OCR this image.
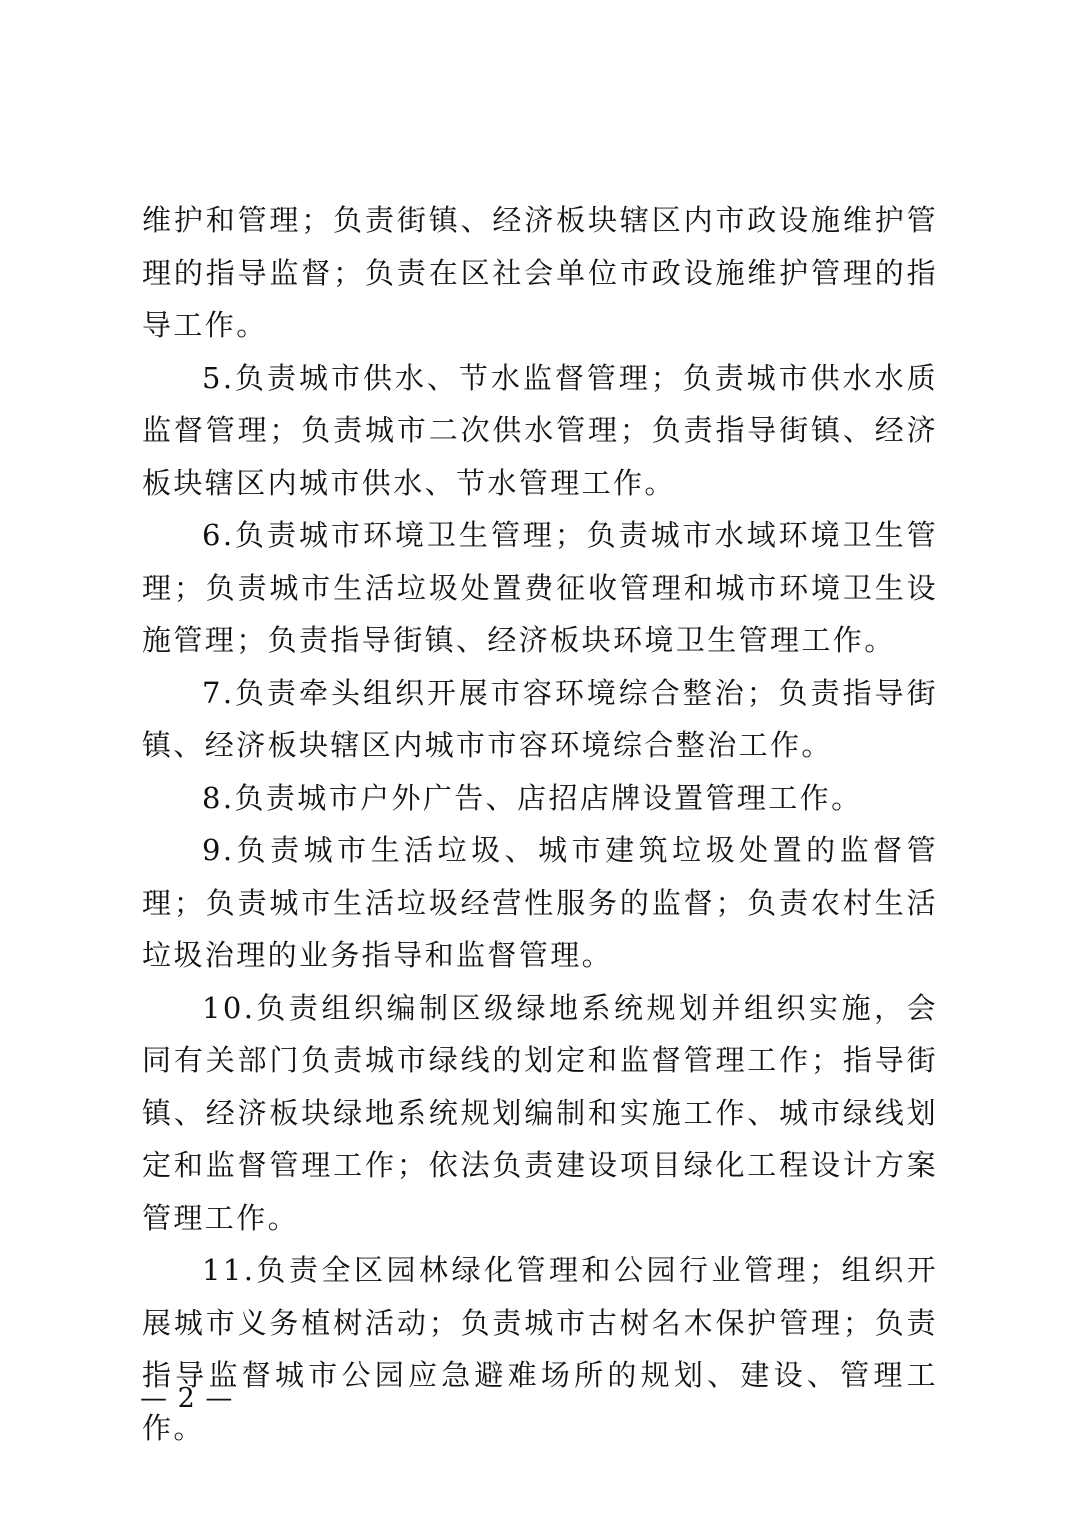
维护和管理；负责街镇、经济板块辖区内市政设施维护管理的指导监督；负责在区社会单位市政设施维护管理的指导工作。

5.负责城市供水、节水监督管理；负责城市供水水质监督管理；负责城市二次供水管理；负责指导街镇、经济板块辖区内城市供水、节水管理工作。

6.负责城市环境卫生管理；负责城市水域环境卫生管理；负责城市生活垃圾处置费征收管理和城市环境卫生设施管理；负责指导街镇、经济板块环境卫生管理工作。

7.负责牵头组织开展市容环境综合整治；负责指导街镇、经济板块辖区内城市市容环境综合整治工作。

8.负责城市户外广告、店招店牌设置管理工作。

9.负责城市生活垃圾、城市建筑垃圾处置的监督管理；负责城市生活垃圾经营性服务的监督；负责农村生活垃圾治理的业务指导和监督管理。

10.负责组织编制区级绿地系统规划并组织实施，会同有关部门负责城市绿线的划定和监督管理工作；指导街镇、经济板块绿地系统规划编制和实施工作、城市绿线划定和监督管理工作；依法负责建设项目绿化工程设计方案管理工作。

11.负责全区园林绿化管理和公园行业管理；组织开展城市义务植树活动；负责城市古树名木保护管理；负责指导监督城市公园应急避难场所的规划、建设、管理工作。

— 2 —
